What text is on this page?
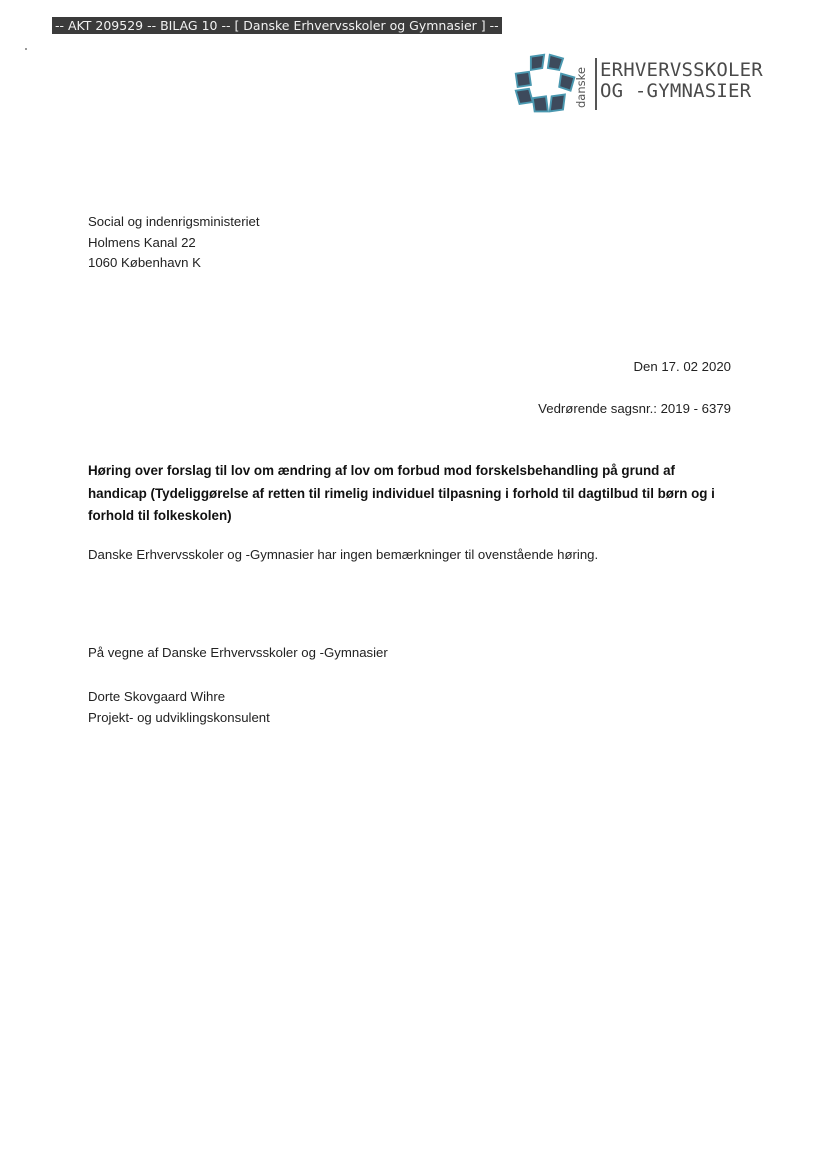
-- AKT 209529 -- BILAG 10 -- [ Danske Erhvervsskoler og Gymnasier ] --
danske ERHVERVSSKOLER
OG -GYMNASIER
Social og indenrigsministeriet
Holmens Kanal 22
1060 København K
Den 17. 02 2020
Vedrørende sagsnr.: 2019 - 6379
Høring over forslag til lov om ændring af lov om forbud mod forskelsbehandling på grund af handicap (Tydeliggørelse af retten til rimelig individuel tilpasning i forhold til dagtilbud til børn og i forhold til folkeskolen)
Danske Erhvervsskoler og -Gymnasier har ingen bemærkninger til ovenstående høring.
På vegne af Danske Erhvervsskoler og -Gymnasier
Dorte Skovgaard Wihre
Projekt- og udviklingskonsulent
